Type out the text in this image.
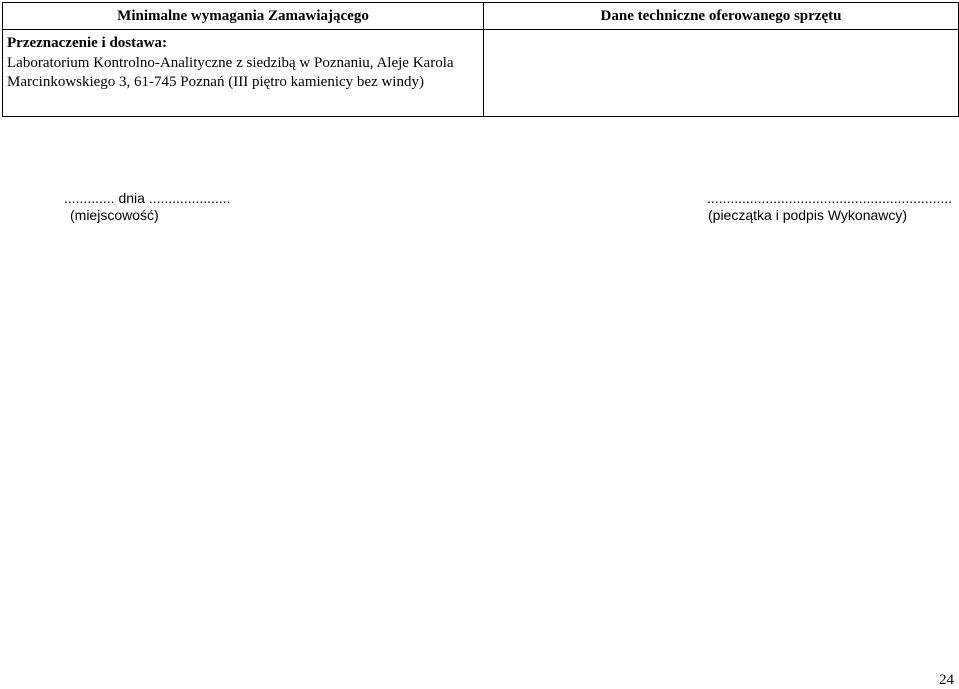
Minimalne wymagania Zamawiającego	Dane techniczne oferowanego sprzętu

Przeznaczenie i dostawa:
Laboratorium Kontrolno-Analityczne z siedzibą w Poznaniu, Aleje Karola Marcinkowskiego 3, 61-745 Poznań (III piętro kamienicy bez windy)	

............. dnia .....................
(miejscowość)
...............................................................
(pieczątka i podpis Wykonawcy)
24
